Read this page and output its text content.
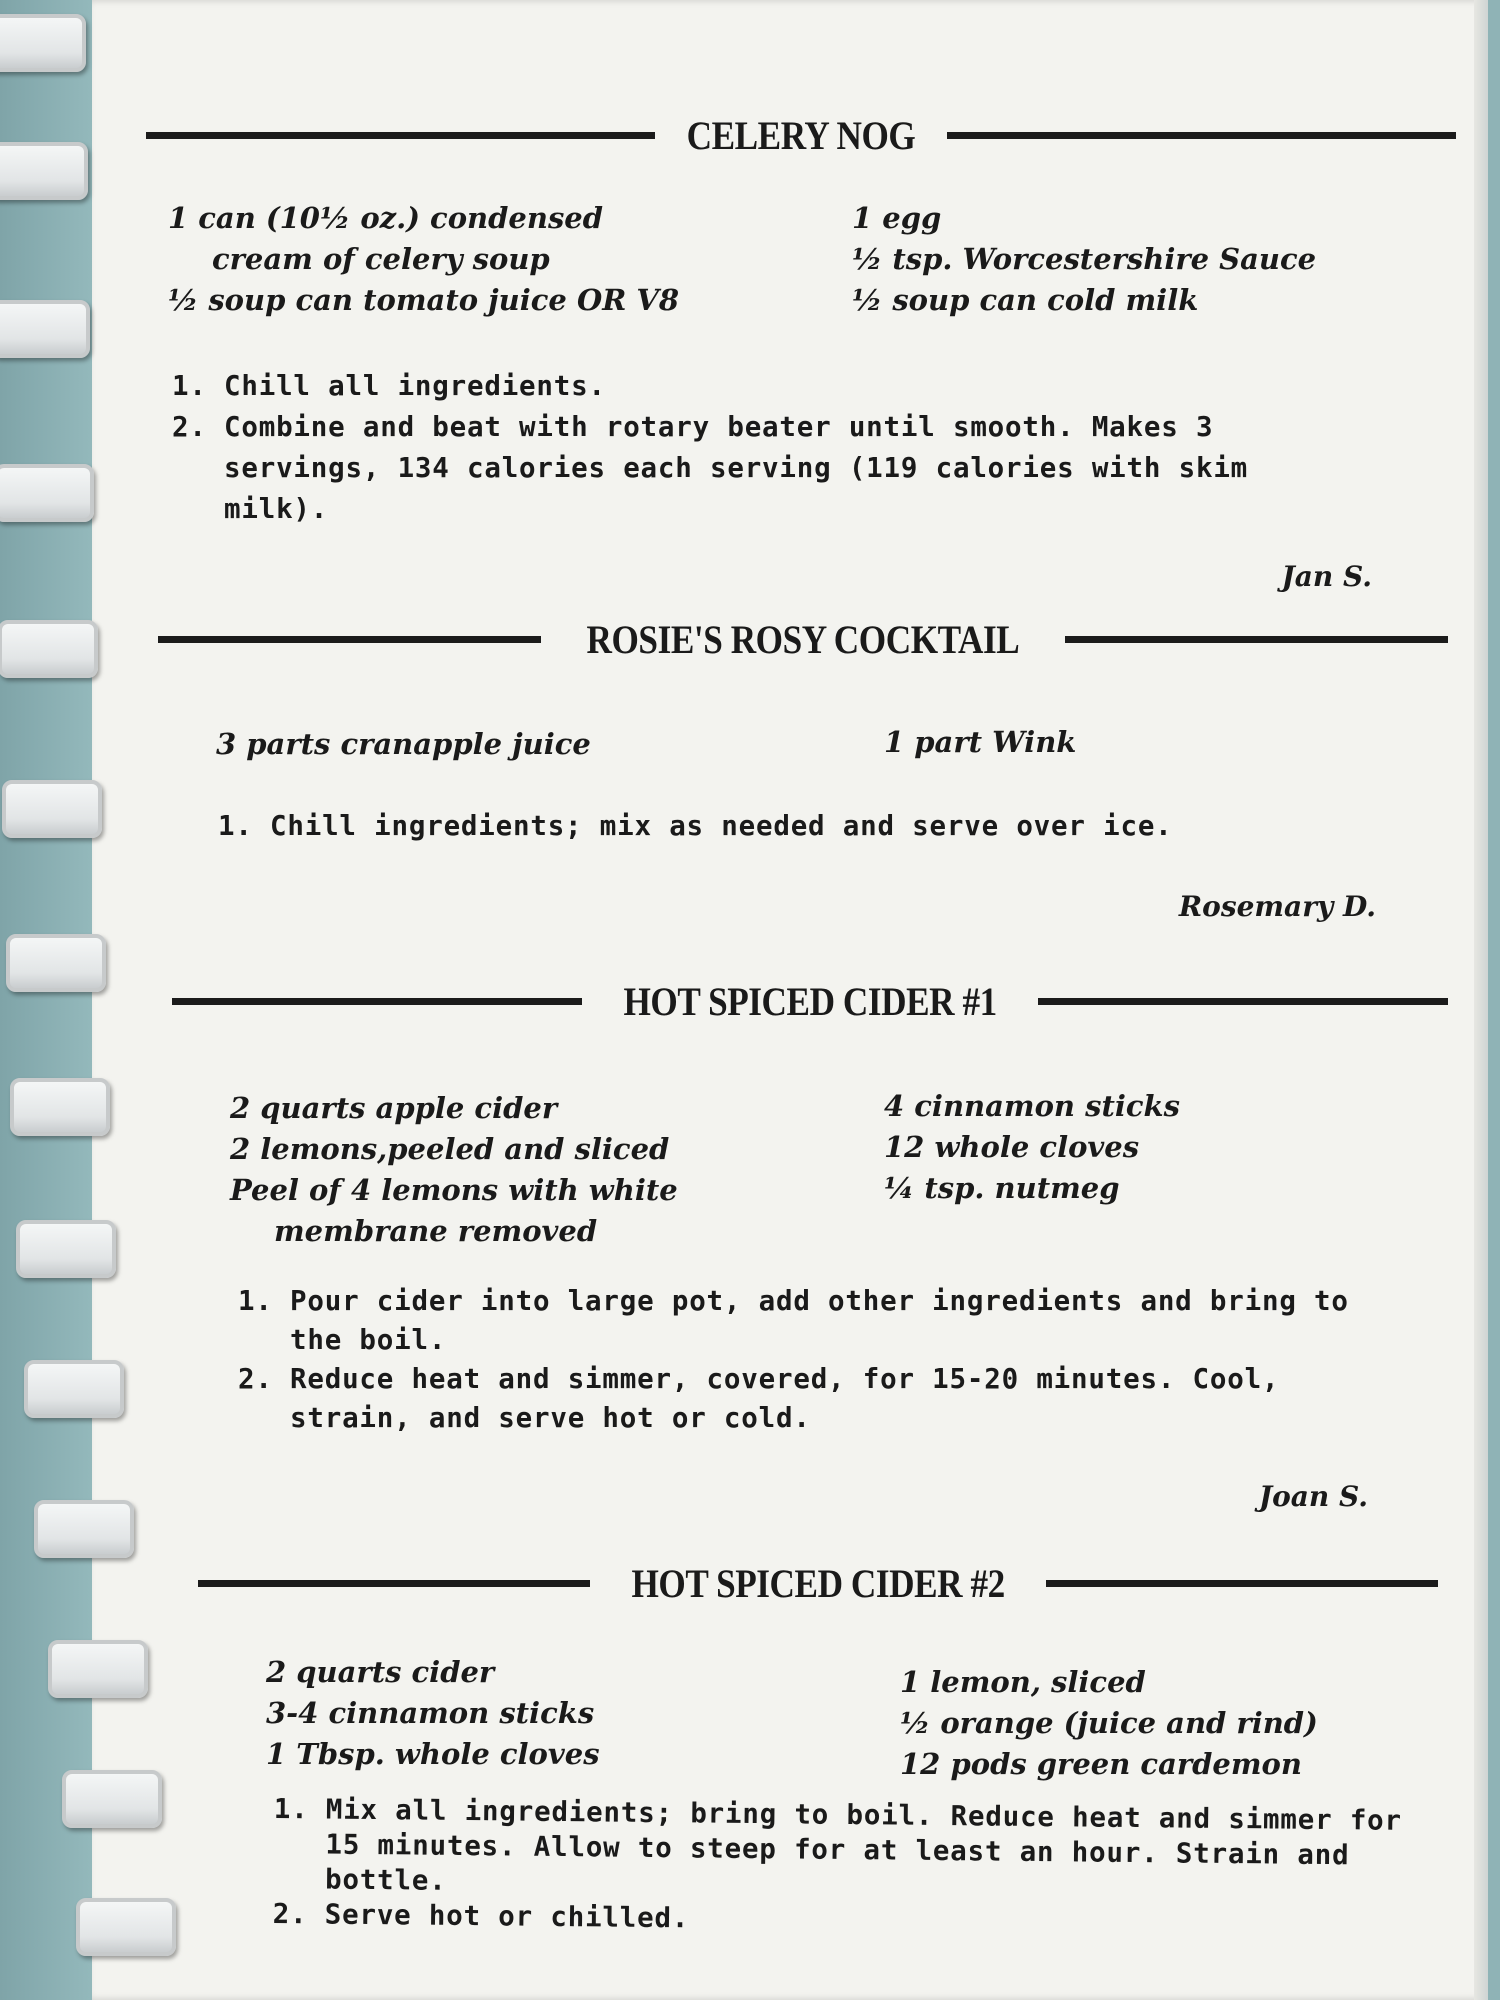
CELERY NOG
1 can (10½ oz.) condensed
cream of celery soup
½ soup can tomato juice OR V8
1 egg
½ tsp. Worcestershire Sauce
½ soup can cold milk
1. Chill all ingredients.
2. Combine and beat with rotary beater until smooth. Makes 3 servings, 134 calories each serving (119 calories with skim milk).
Jan S.
ROSIE'S ROSY COCKTAIL
3 parts cranapple juice	1 part Wink
1. Chill ingredients; mix as needed and serve over ice.
Rosemary D.
HOT SPICED CIDER #1
2 quarts apple cider
2 lemons,peeled and sliced
Peel of 4 lemons with white
membrane removed
4 cinnamon sticks
12 whole cloves
¼ tsp. nutmeg
1. Pour cider into large pot, add other ingredients and bring to the boil.
2. Reduce heat and simmer, covered, for 15-20 minutes. Cool, strain, and serve hot or cold.
Joan S.
HOT SPICED CIDER #2
2 quarts cider
3-4 cinnamon sticks
1 Tbsp. whole cloves
1 lemon, sliced
½ orange (juice and rind)
12 pods green cardemon
1. Mix all ingredients; bring to boil. Reduce heat and simmer for 15 minutes. Allow to steep for at least an hour. Strain and bottle.
2. Serve hot or chilled.
